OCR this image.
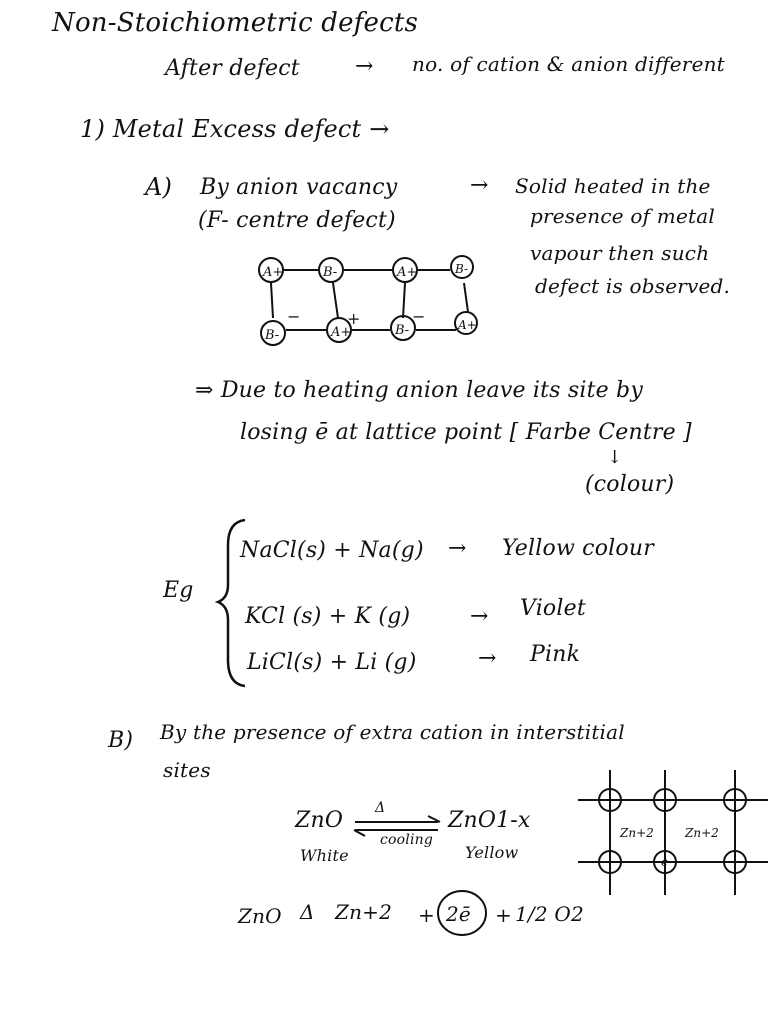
Non-Stoichiometric defects
After defect	→ no. of cation & anion different
1) Metal Excess defect →
A) By anion vacancy	→
(F- centre defect)
Solid heated in the
presence of metal
vapour then such
defect is observed.
A+	B-	A+	B-
B-	A+	B-	A+
−	+	−
⇒ Due to heating anion leave its site by
losing ē at lattice point [ Farbe Centre ]
↓
(colour)
Eg
NaCl(s) + Na(g) → Yellow colour
KCl (s) + K (g)	→ Violet
LiCl(s) + Li (g)	→ Pink
B) By the presence of extra cation in interstitial
sites
ZnO
White
Δ
cooling
ZnO1-x
Yellow
ZnO Δ Zn+2 + 2ē + 1/2 O2
Zn+2	Zn+2
e
